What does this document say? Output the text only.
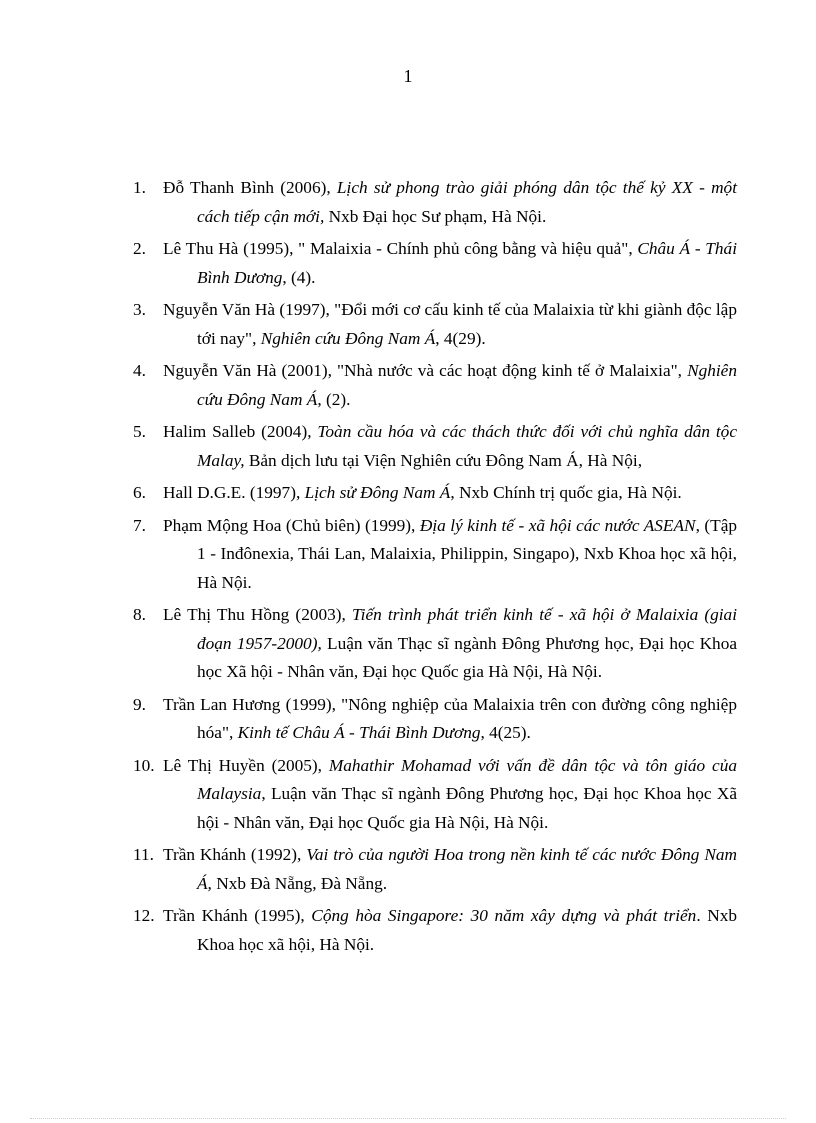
1
1. Đỗ Thanh Bình (2006), Lịch sử phong trào giải phóng dân tộc thế kỷ XX - một cách tiếp cận mới, Nxb Đại học Sư phạm, Hà Nội.
2. Lê Thu Hà (1995), " Malaixia - Chính phủ công bằng và hiệu quả", Châu Á - Thái Bình Dương, (4).
3. Nguyễn Văn Hà (1997), "Đổi mới cơ cấu kinh tế của Malaixia từ khi giành độc lập tới nay", Nghiên cứu Đông Nam Á, 4(29).
4. Nguyễn Văn Hà (2001), "Nhà nước và các hoạt động kinh tế ở Malaixia", Nghiên cứu Đông Nam Á, (2).
5. Halim Salleb (2004), Toàn cầu hóa và các thách thức đối với chủ nghĩa dân tộc Malay, Bản dịch lưu tại Viện Nghiên cứu Đông Nam Á, Hà Nội,
6. Hall D.G.E. (1997), Lịch sử Đông Nam Á, Nxb Chính trị quốc gia, Hà Nội.
7. Phạm Mộng Hoa (Chủ biên) (1999), Địa lý kinh tế - xã hội các nước ASEAN, (Tập 1 - Inđônexia, Thái Lan, Malaixia, Philippin, Singapo), Nxb Khoa học xã hội, Hà Nội.
8. Lê Thị Thu Hồng (2003), Tiến trình phát triển kinh tế - xã hội ở Malaixia (giai đoạn 1957-2000), Luận văn Thạc sĩ ngành Đông Phương học, Đại học Khoa học Xã hội - Nhân văn, Đại học Quốc gia Hà Nội, Hà Nội.
9. Trần Lan Hương (1999), "Nông nghiệp của Malaixia trên con đường công nghiệp hóa", Kinh tế Châu Á - Thái Bình Dương, 4(25).
10. Lê Thị Huyền (2005), Mahathir Mohamad với vấn đề dân tộc và tôn giáo của Malaysia, Luận văn Thạc sĩ ngành Đông Phương học, Đại học Khoa học Xã hội - Nhân văn, Đại học Quốc gia Hà Nội, Hà Nội.
11. Trần Khánh (1992), Vai trò của người Hoa trong nền kinh tế các nước Đông Nam Á, Nxb Đà Nẵng, Đà Nẵng.
12. Trần Khánh (1995), Cộng hòa Singapore: 30 năm xây dựng và phát triển. Nxb Khoa học xã hội, Hà Nội.
